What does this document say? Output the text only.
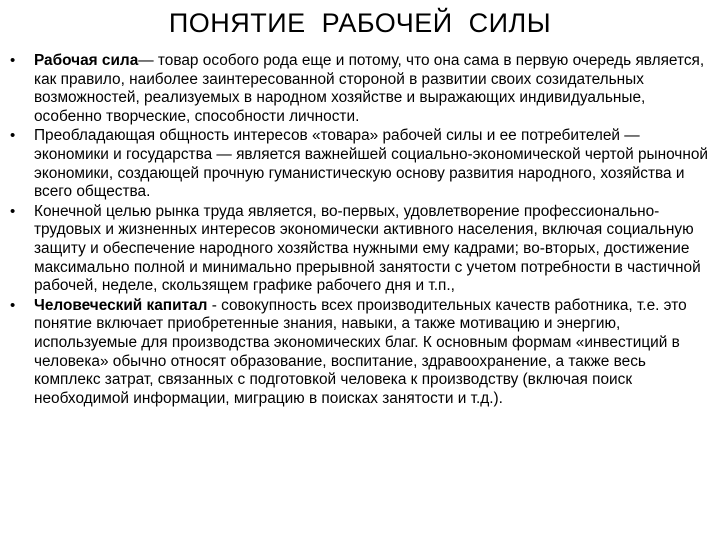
ПОНЯТИЕ  РАБОЧЕЙ  СИЛЫ
• Рабочая сила— товар особого рода еще и потому, что она сама в первую очередь является, как правило, наиболее заинтересованной стороной в развитии своих созидательных возможностей, реализуемых в народном хозяйстве и выражающих индивидуальные, особенно творческие, способности личности.
• Преобладающая общность интересов «товара» рабочей силы и ее потребителей — экономики и государства — является важнейшей социально-экономической чертой рыночной экономики, создающей прочную гуманистическую основу развития народного, хозяйства и всего общества.
• Конечной целью рынка труда является, во-первых, удовлетворение профессионально-трудовых и жизненных интересов экономически активного населения, включая социальную защиту и обеспечение народного хозяйства нужными ему кадрами; во-вторых, достижение максимально полной и минимально прерывной занятости с учетом потребности в частичной рабочей, неделе, скользящем графике рабочего дня и т.п.,
• Человеческий капитал - совокупность всех производительных качеств работника, т.е. это понятие включает приобретенные знания, навыки, а также мотивацию и энергию, используемые для производства экономических благ. К основным формам «инвестиций в человека» обычно относят образование, воспитание, здравоохранение, а также весь комплекс затрат, связанных с подготовкой человека к производству (включая поиск необходимой информации, миграцию в поисках занятости и т.д.).
